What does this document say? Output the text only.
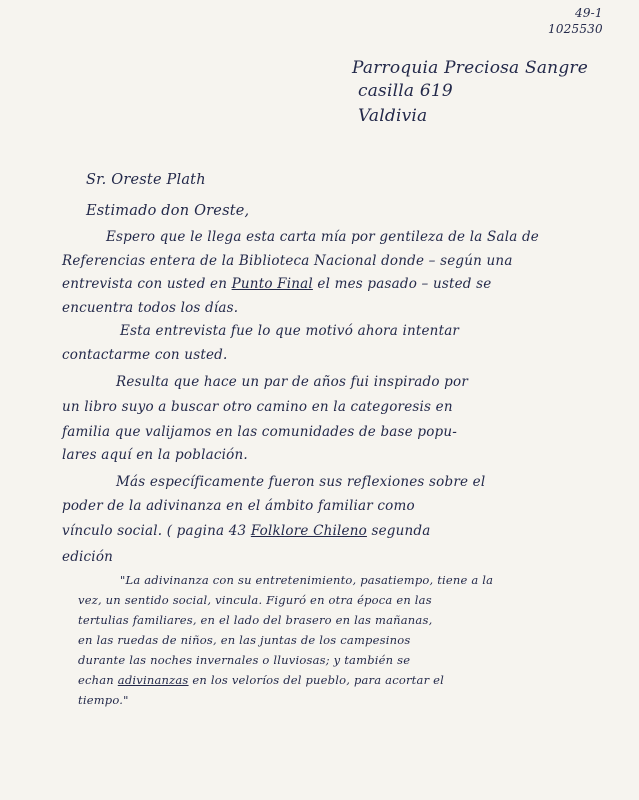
49-1
1025530
Parroquia Preciosa Sangre
casilla 619
Valdivia
Sr. Oreste Plath
Estimado don Oreste,
Espero que le llega esta carta mía por gentileza de la Sala de
Referencias entera de la Biblioteca Nacional donde – según una
entrevista con usted en Punto Final el mes pasado – usted se
encuentra todos los días.
Esta entrevista fue lo que motivó ahora intentar
contactarme con usted.
Resulta que hace un par de años fui inspirado por
un libro suyo a buscar otro camino en la categoresis en
familia que valijamos en las comunidades de base popu-
lares aquí en la población.
Más específicamente fueron sus reflexiones sobre el
poder de la adivinanza en el ámbito familiar como
vínculo social. ( pagina 43 Folklore Chileno segunda
edición
"La adivinanza con su entretenimiento, pasatiempo, tiene a la
vez, un sentido social, vincula. Figuró en otra época en las
tertulias familiares, en el lado del brasero en las mañanas,
en las ruedas de niños, en las juntas de los campesinos
durante las noches invernales o lluviosas; y también se
echan adivinanzas en los veloríos del pueblo, para acortar el
tiempo."
